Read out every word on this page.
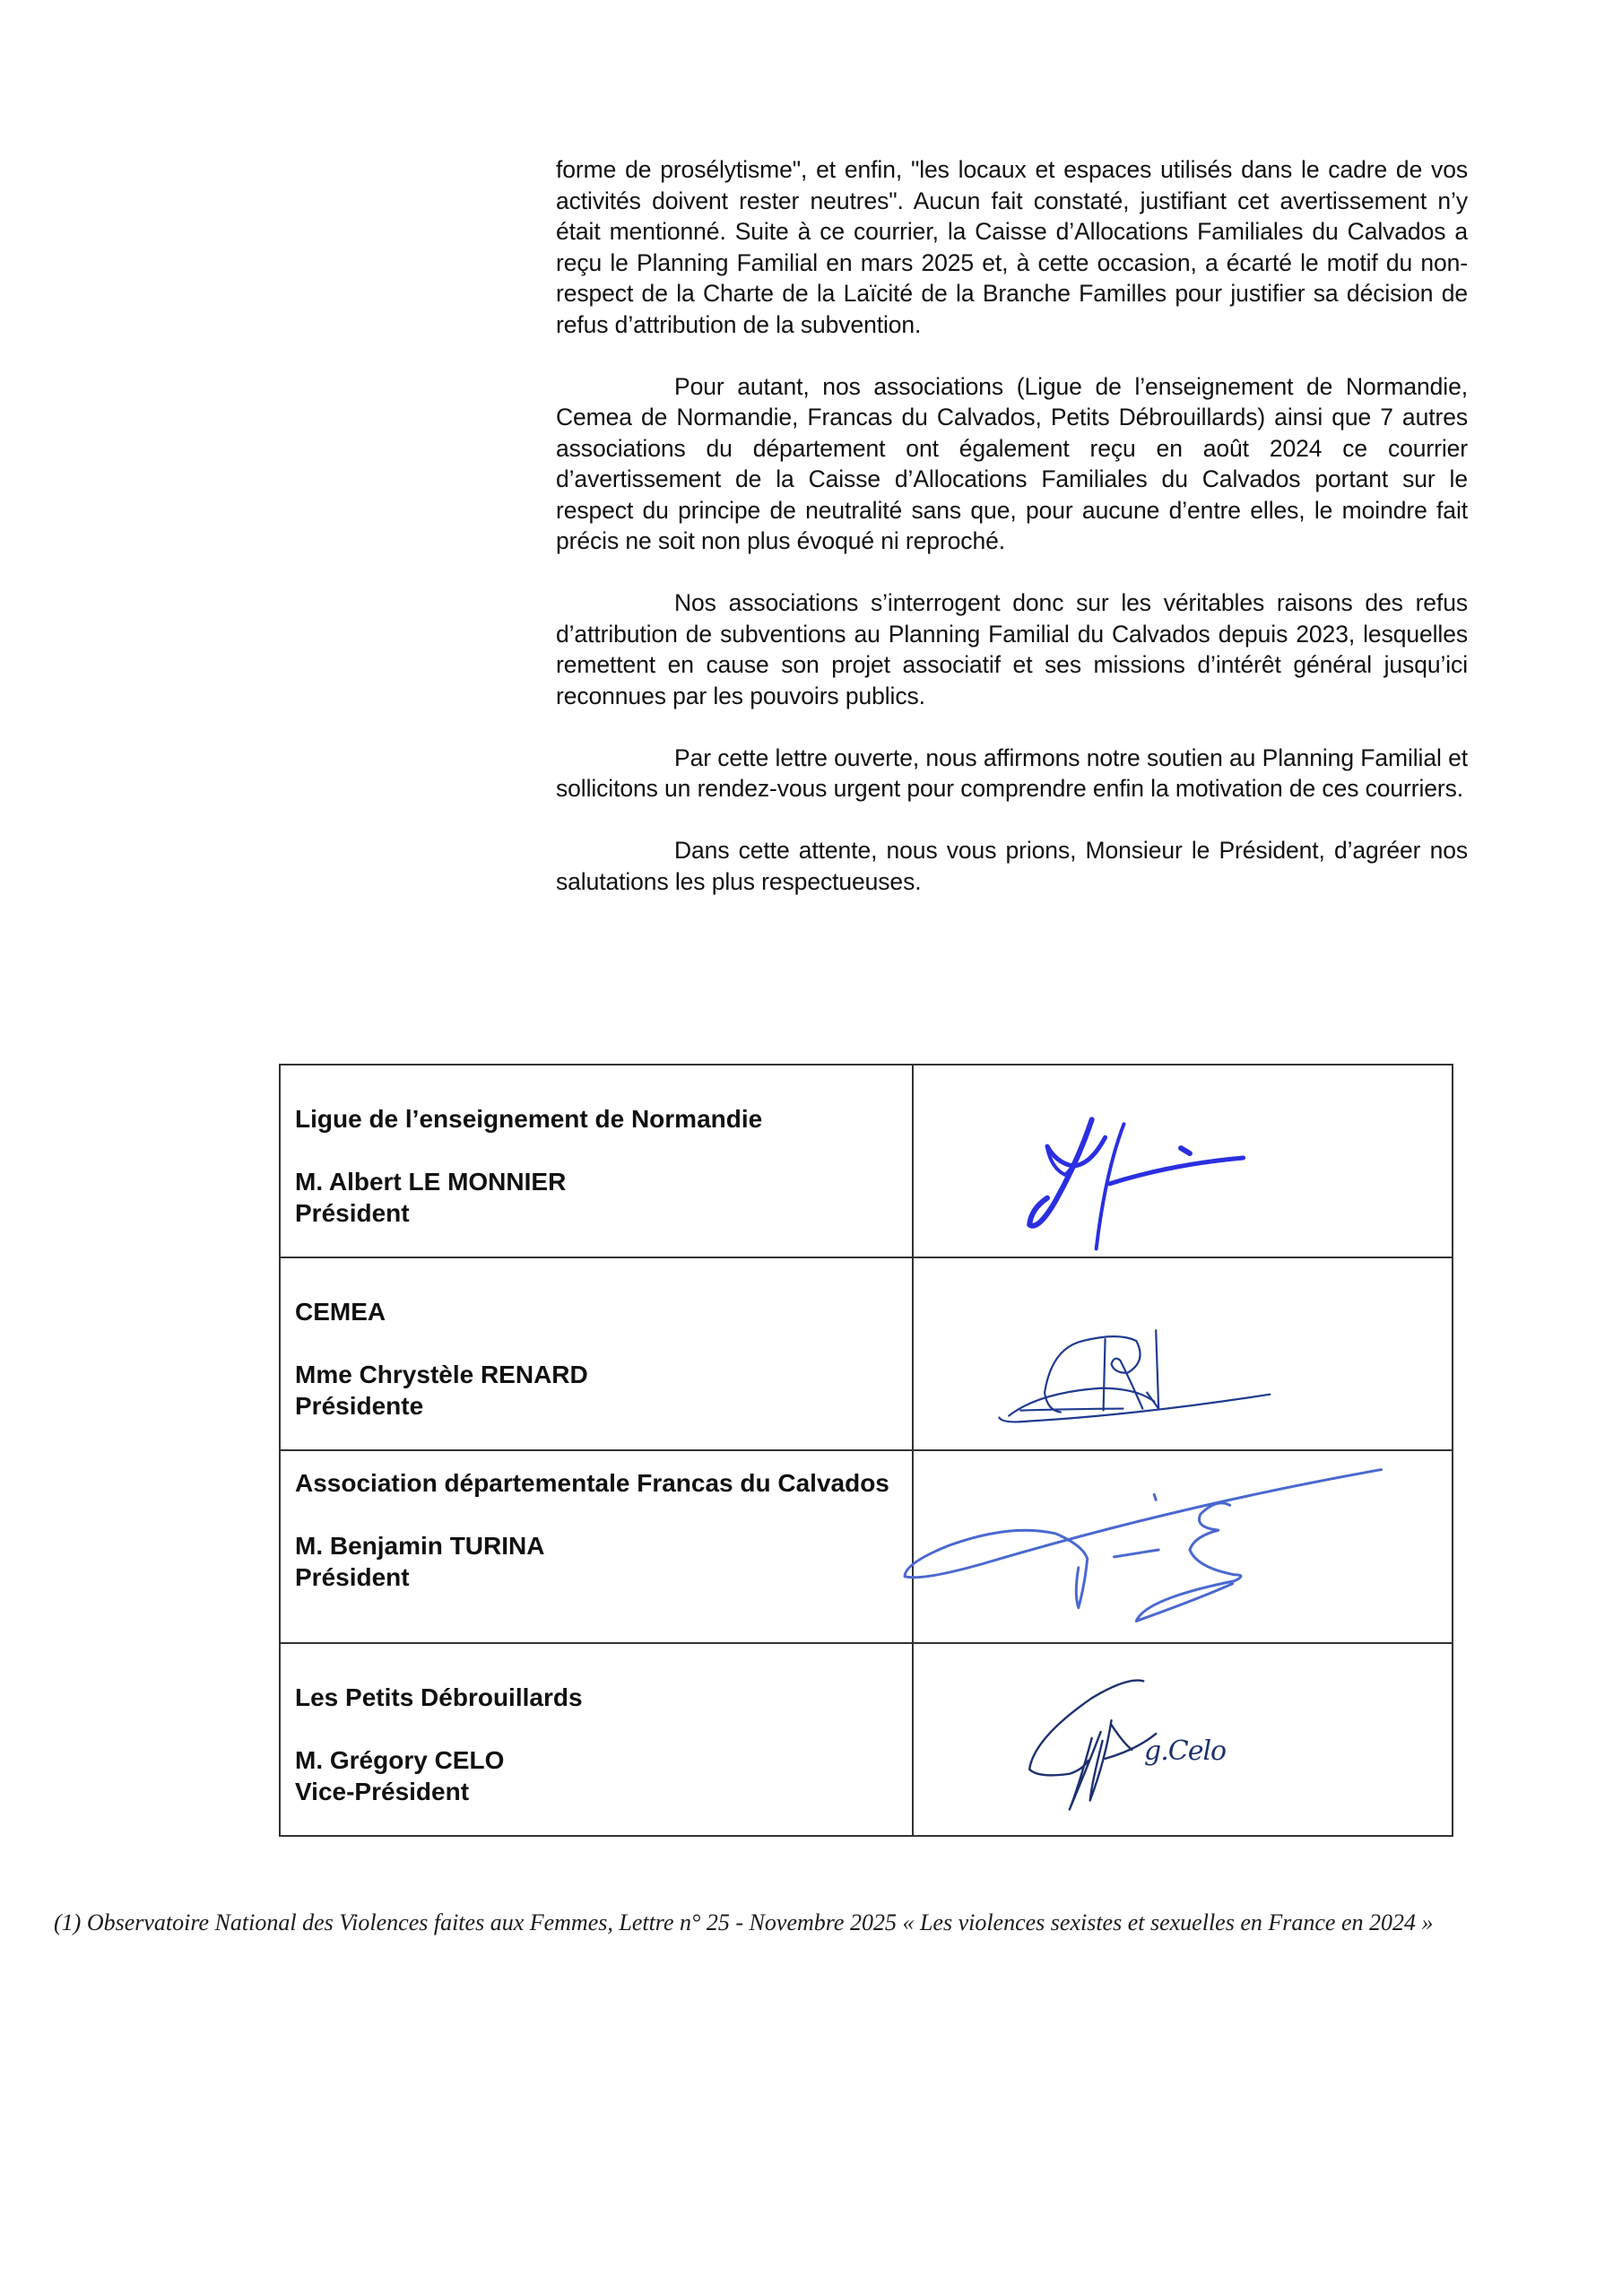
forme de prosélytisme", et enfin, "les locaux et espaces utilisés dans le cadre de vos activités doivent rester neutres". Aucun fait constaté, justifiant cet avertissement n’y était mentionné. Suite à ce courrier, la Caisse d’Allocations Familiales du Calvados a reçu le Planning Familial en mars 2025 et, à cette occasion, a écarté le motif du non-respect de la Charte de la Laïcité de la Branche Familles pour justifier sa décision de refus d’attribution de la subvention.

Pour autant, nos associations (Ligue de l’enseignement de Normandie, Cemea de Normandie, Francas du Calvados, Petits Débrouillards) ainsi que 7 autres associations du département ont également reçu en août 2024 ce courrier d’avertissement de la Caisse d’Allocations Familiales du Calvados portant sur le respect du principe de neutralité sans que, pour aucune d’entre elles, le moindre fait précis ne soit non plus évoqué ni reproché.

Nos associations s’interrogent donc sur les véritables raisons des refus d’attribution de subventions au Planning Familial du Calvados depuis 2023, lesquelles remettent en cause son projet associatif et ses missions d’intérêt général jusqu’ici reconnues par les pouvoirs publics.

Par cette lettre ouverte, nous affirmons notre soutien au Planning Familial et sollicitons un rendez-vous urgent pour comprendre enfin la motivation de ces courriers.

Dans cette attente, nous vous prions, Monsieur le Président, d’agréer nos salutations les plus respectueuses.

Ligue de l’enseignement de Normandie
M. Albert LE MONNIER
Président

CEMEA
Mme Chrystèle RENARD
Présidente

Association départementale Francas du Calvados
M. Benjamin TURINA
Président

Les Petits Débrouillards
M. Grégory CELO
Vice-Président	g.Celo
(1) Observatoire National des Violences faites aux Femmes, Lettre n° 25 - Novembre 2025 « Les violences sexistes et sexuelles en France en 2024 »
